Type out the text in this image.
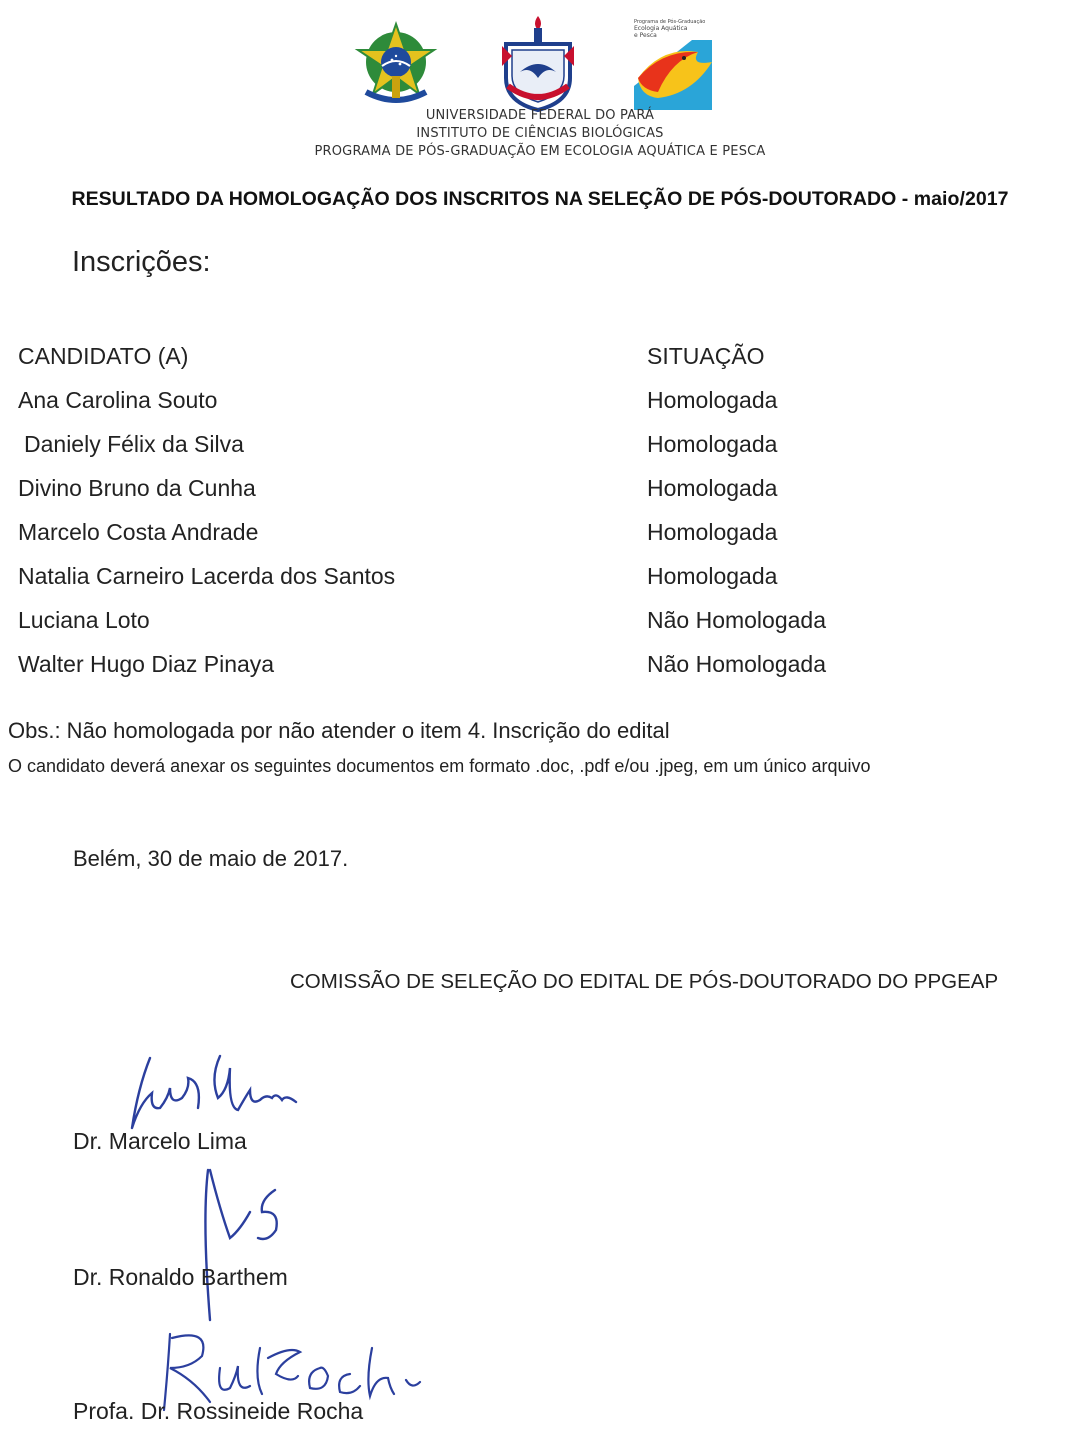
Programa de Pós-Graduação
Ecologia Aquática
e Pesca
UNIVERSIDADE FEDERAL DO PARÁ
INSTITUTO DE CIÊNCIAS BIOLÓGICAS
PROGRAMA DE PÓS-GRADUAÇÃO EM ECOLOGIA AQUÁTICA E PESCA
RESULTADO DA HOMOLOGAÇÃO DOS INSCRITOS NA SELEÇÃO DE PÓS-DOUTORADO - maio/2017
Inscrições:
CANDIDATO (A)	SITUAÇÃO
Ana Carolina Souto	Homologada
Daniely Félix da Silva	Homologada
Divino Bruno da Cunha	Homologada
Marcelo Costa Andrade	Homologada
Natalia Carneiro Lacerda dos Santos	Homologada
Luciana Loto	Não Homologada
Walter Hugo Diaz Pinaya	Não Homologada
Obs.: Não homologada por não atender o item 4. Inscrição do edital
O candidato deverá anexar os seguintes documentos em formato .doc, .pdf e/ou .jpeg, em um único arquivo
Belém, 30 de maio de 2017.
COMISSÃO DE SELEÇÃO DO EDITAL DE PÓS-DOUTORADO DO PPGEAP
Dr. Marcelo Lima
Dr. Ronaldo Barthem
Profa. Dr. Rossineide Rocha
